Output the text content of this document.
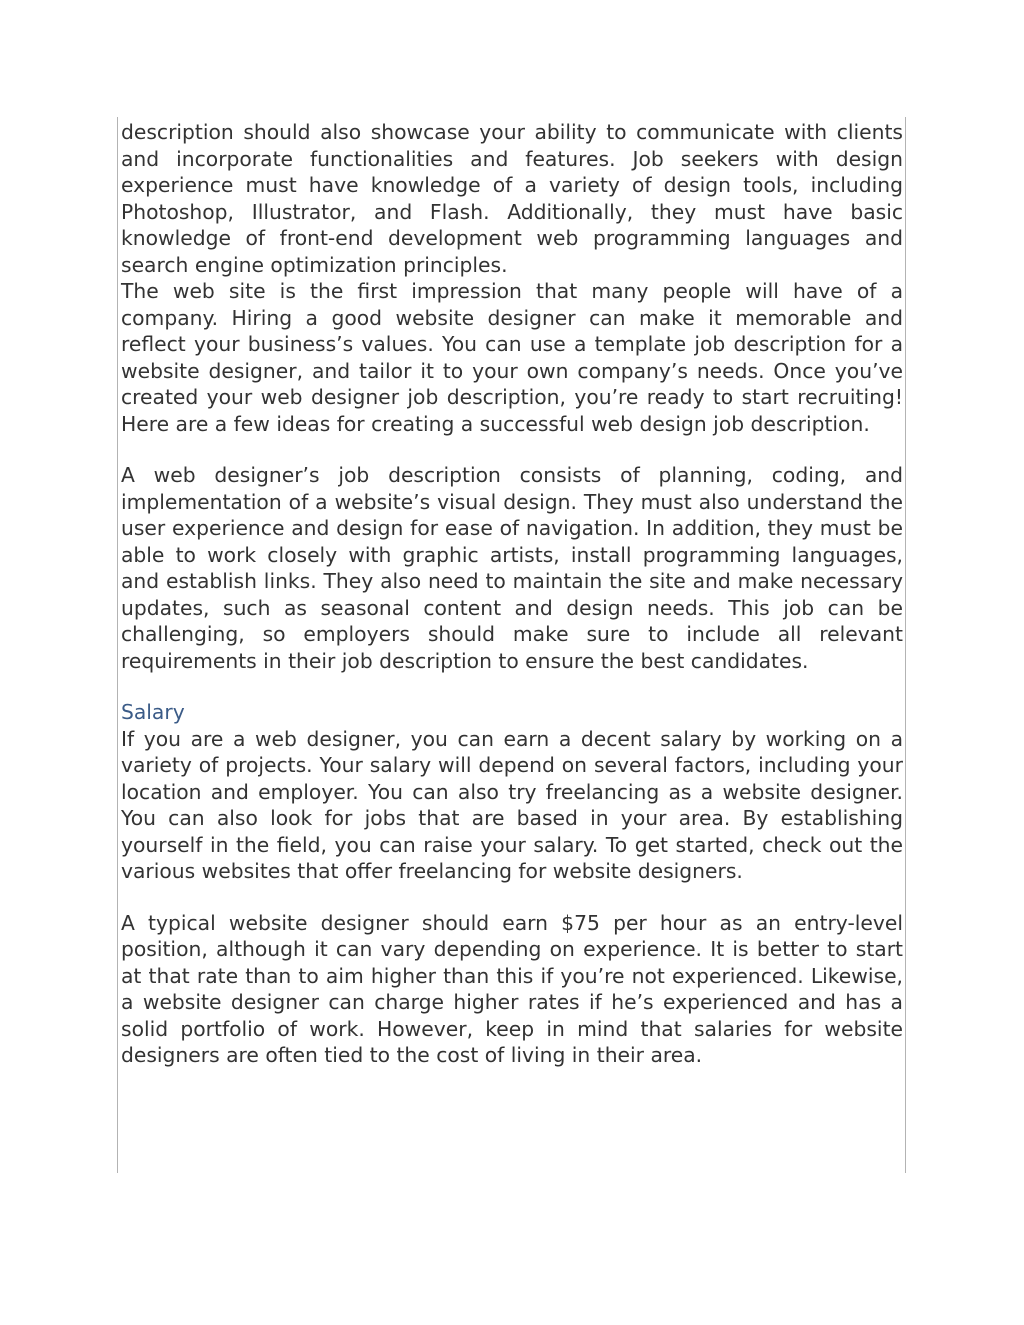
description should also showcase your ability to communicate with clients and incorporate functionalities and features. Job seekers with design experience must have knowledge of a variety of design tools, including Photoshop, Illustrator, and Flash. Additionally, they must have basic knowledge of front-end development web programming languages and search engine optimization principles.

The web site is the first impression that many people will have of a company. Hiring a good website designer can make it memorable and reflect your business’s values. You can use a template job description for a website designer, and tailor it to your own company’s needs. Once you’ve created your web designer job description, you’re ready to start recruiting! Here are a few ideas for creating a successful web design job description.

A web designer’s job description consists of planning, coding, and implementation of a website’s visual design. They must also understand the user experience and design for ease of navigation. In addition, they must be able to work closely with graphic artists, install programming languages, and establish links. They also need to maintain the site and make necessary updates, such as seasonal content and design needs. This job can be challenging, so employers should make sure to include all relevant requirements in their job description to ensure the best candidates.

Salary

If you are a web designer, you can earn a decent salary by working on a variety of projects. Your salary will depend on several factors, including your location and employer. You can also try freelancing as a website designer. You can also look for jobs that are based in your area. By establishing yourself in the field, you can raise your salary. To get started, check out the various websites that offer freelancing for website designers.

A typical website designer should earn $75 per hour as an entry-level position, although it can vary depending on experience. It is better to start at that rate than to aim higher than this if you’re not experienced. Likewise, a website designer can charge higher rates if he’s experienced and has a solid portfolio of work. However, keep in mind that salaries for website designers are often tied to the cost of living in their area.
